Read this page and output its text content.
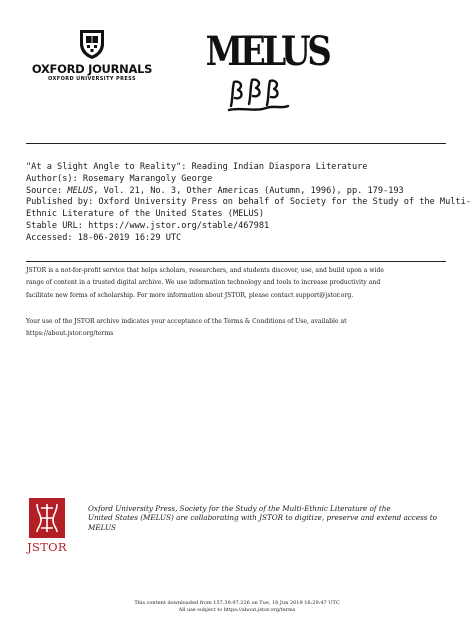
OXFORD JOURNALS
OXFORD UNIVERSITY PRESS
MELUS
"At a Slight Angle to Reality": Reading Indian Diaspora Literature
Author(s): Rosemary Marangoly George
Source: MELUS, Vol. 21, No. 3, Other Americas (Autumn, 1996), pp. 179-193
Published by: Oxford University Press on behalf of Society for the Study of the Multi-
Ethnic Literature of the United States (MELUS)
Stable URL: https://www.jstor.org/stable/467981
Accessed: 18-06-2019 16:29 UTC
JSTOR is a not-for-profit service that helps scholars, researchers, and students discover, use, and build upon a wide
range of content in a trusted digital archive. We use information technology and tools to increase productivity and
facilitate new forms of scholarship. For more information about JSTOR, please contact support@jstor.org.
Your use of the JSTOR archive indicates your acceptance of the Terms & Conditions of Use, available at
https://about.jstor.org/terms
JSTOR
Oxford University Press, Society for the Study of the Multi-Ethnic Literature of the
United States (MELUS) are collaborating with JSTOR to digitize, preserve and extend access to
MELUS
This content downloaded from 157.39.97.226 on Tue, 18 Jun 2019 16:29:47 UTC
All use subject to https://about.jstor.org/terms
